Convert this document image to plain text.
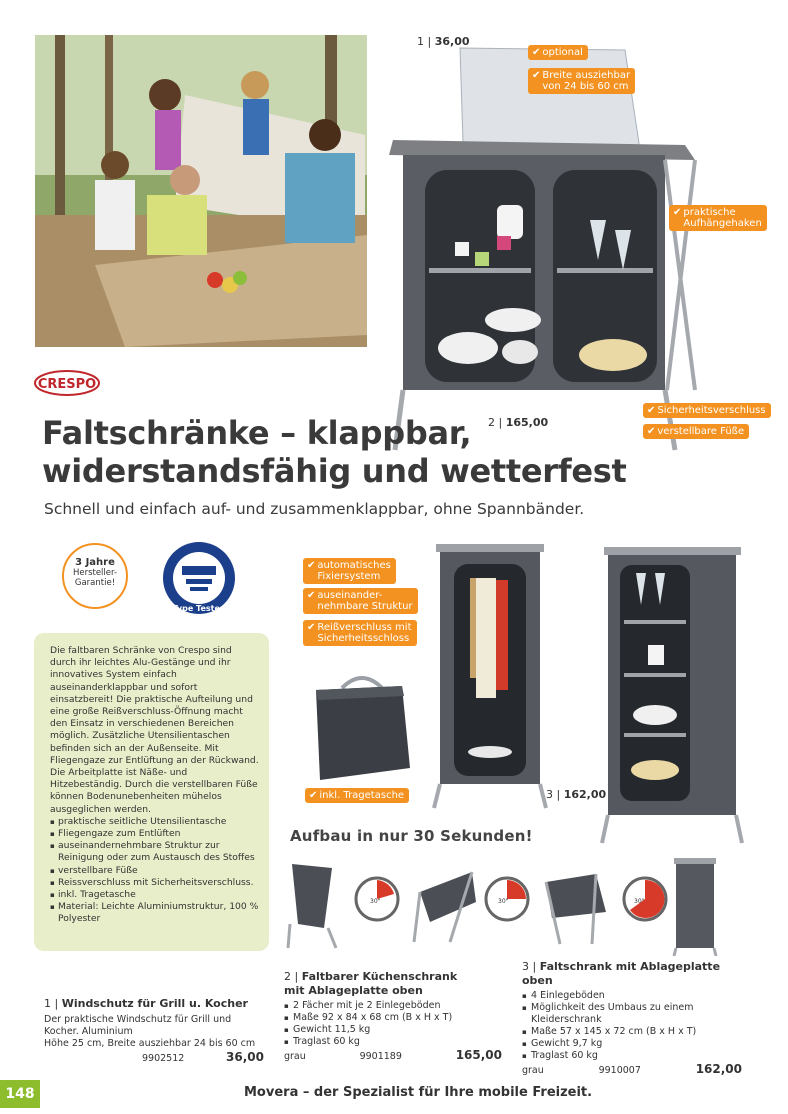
1 | 36,00
2 | 165,00
3 | 162,00
✔ optional
✔ Breite ausziehbar
von 24 bis 60 cm
✔ praktische
Aufhängehaken
✔ Sicherheitsverschluss
✔ verstellbare Füße
✔ automatisches
Fixiersystem
✔ auseinander-
nehmbare Struktur
✔ Reißverschluss mit
Sicherheitsschloss
✔ inkl. Tragetasche
CRESPO
Faltschränke – klappbar,
widerstandsfähig und wetterfest
Schnell und einfach auf- und zusammenklappbar, ohne Spannbänder.
3 Jahre
Hersteller-
Garantie!
Type Tested

Die faltbaren Schränke von Crespo sind durch ihr leichtes Alu-Gestänge und ihr innovatives System einfach auseinanderklappbar und sofort einsatzbereit! Die praktische Aufteilung und eine große Reißverschluss-Öffnung macht den Einsatz in verschiedenen Bereichen möglich. Zusätzliche Utensilientaschen befinden sich an der Außenseite. Mit Fliegengaze zur Entlüftung an der Rückwand. Die Arbeitplatte ist Näße- und Hitzebeständig. Durch die verstellbaren Füße können Bodenunebenheiten mühelos ausgeglichen werden.

▪ praktische seitliche Utensilientasche
▪ Fliegengaze zum Entlüften
▪ auseinandernehmbare Struktur zur Reinigung oder zum Austausch des Stoffes
▪ verstellbare Füße
▪ Reissverschluss mit Sicherheitsverschluss.
▪ inkl. Tragetasche
▪ Material: Leichte Aluminiumstruktur, 100 % Polyester
Aufbau in nur 30 Sekunden!
30"	30"	30"
1 | Windschutz für Grill u. Kocher
Der praktische Windschutz für Grill und Kocher. Aluminium
Höhe 25 cm, Breite ausziehbar 24 bis 60 cm
9902512	36,00
2 | Faltbarer Küchenschrank
mit Ablageplatte oben
▪ 2 Fächer mit je 2 Einlegeböden
▪ Maße 92 x 84 x 68 cm (B x H x T)
▪ Gewicht 11,5 kg
▪ Traglast 60 kg
grau	9901189	165,00
3 | Faltschrank mit Ablageplatte oben
▪ 4 Einlegeböden
▪ Möglichkeit des Umbaus zu einem Kleiderschrank
▪ Maße 57 x 145 x 72 cm (B x H x T)
▪ Gewicht 9,7 kg
▪ Traglast 60 kg
grau	9910007	162,00
148	Movera – der Spezialist für Ihre mobile Freizeit.
